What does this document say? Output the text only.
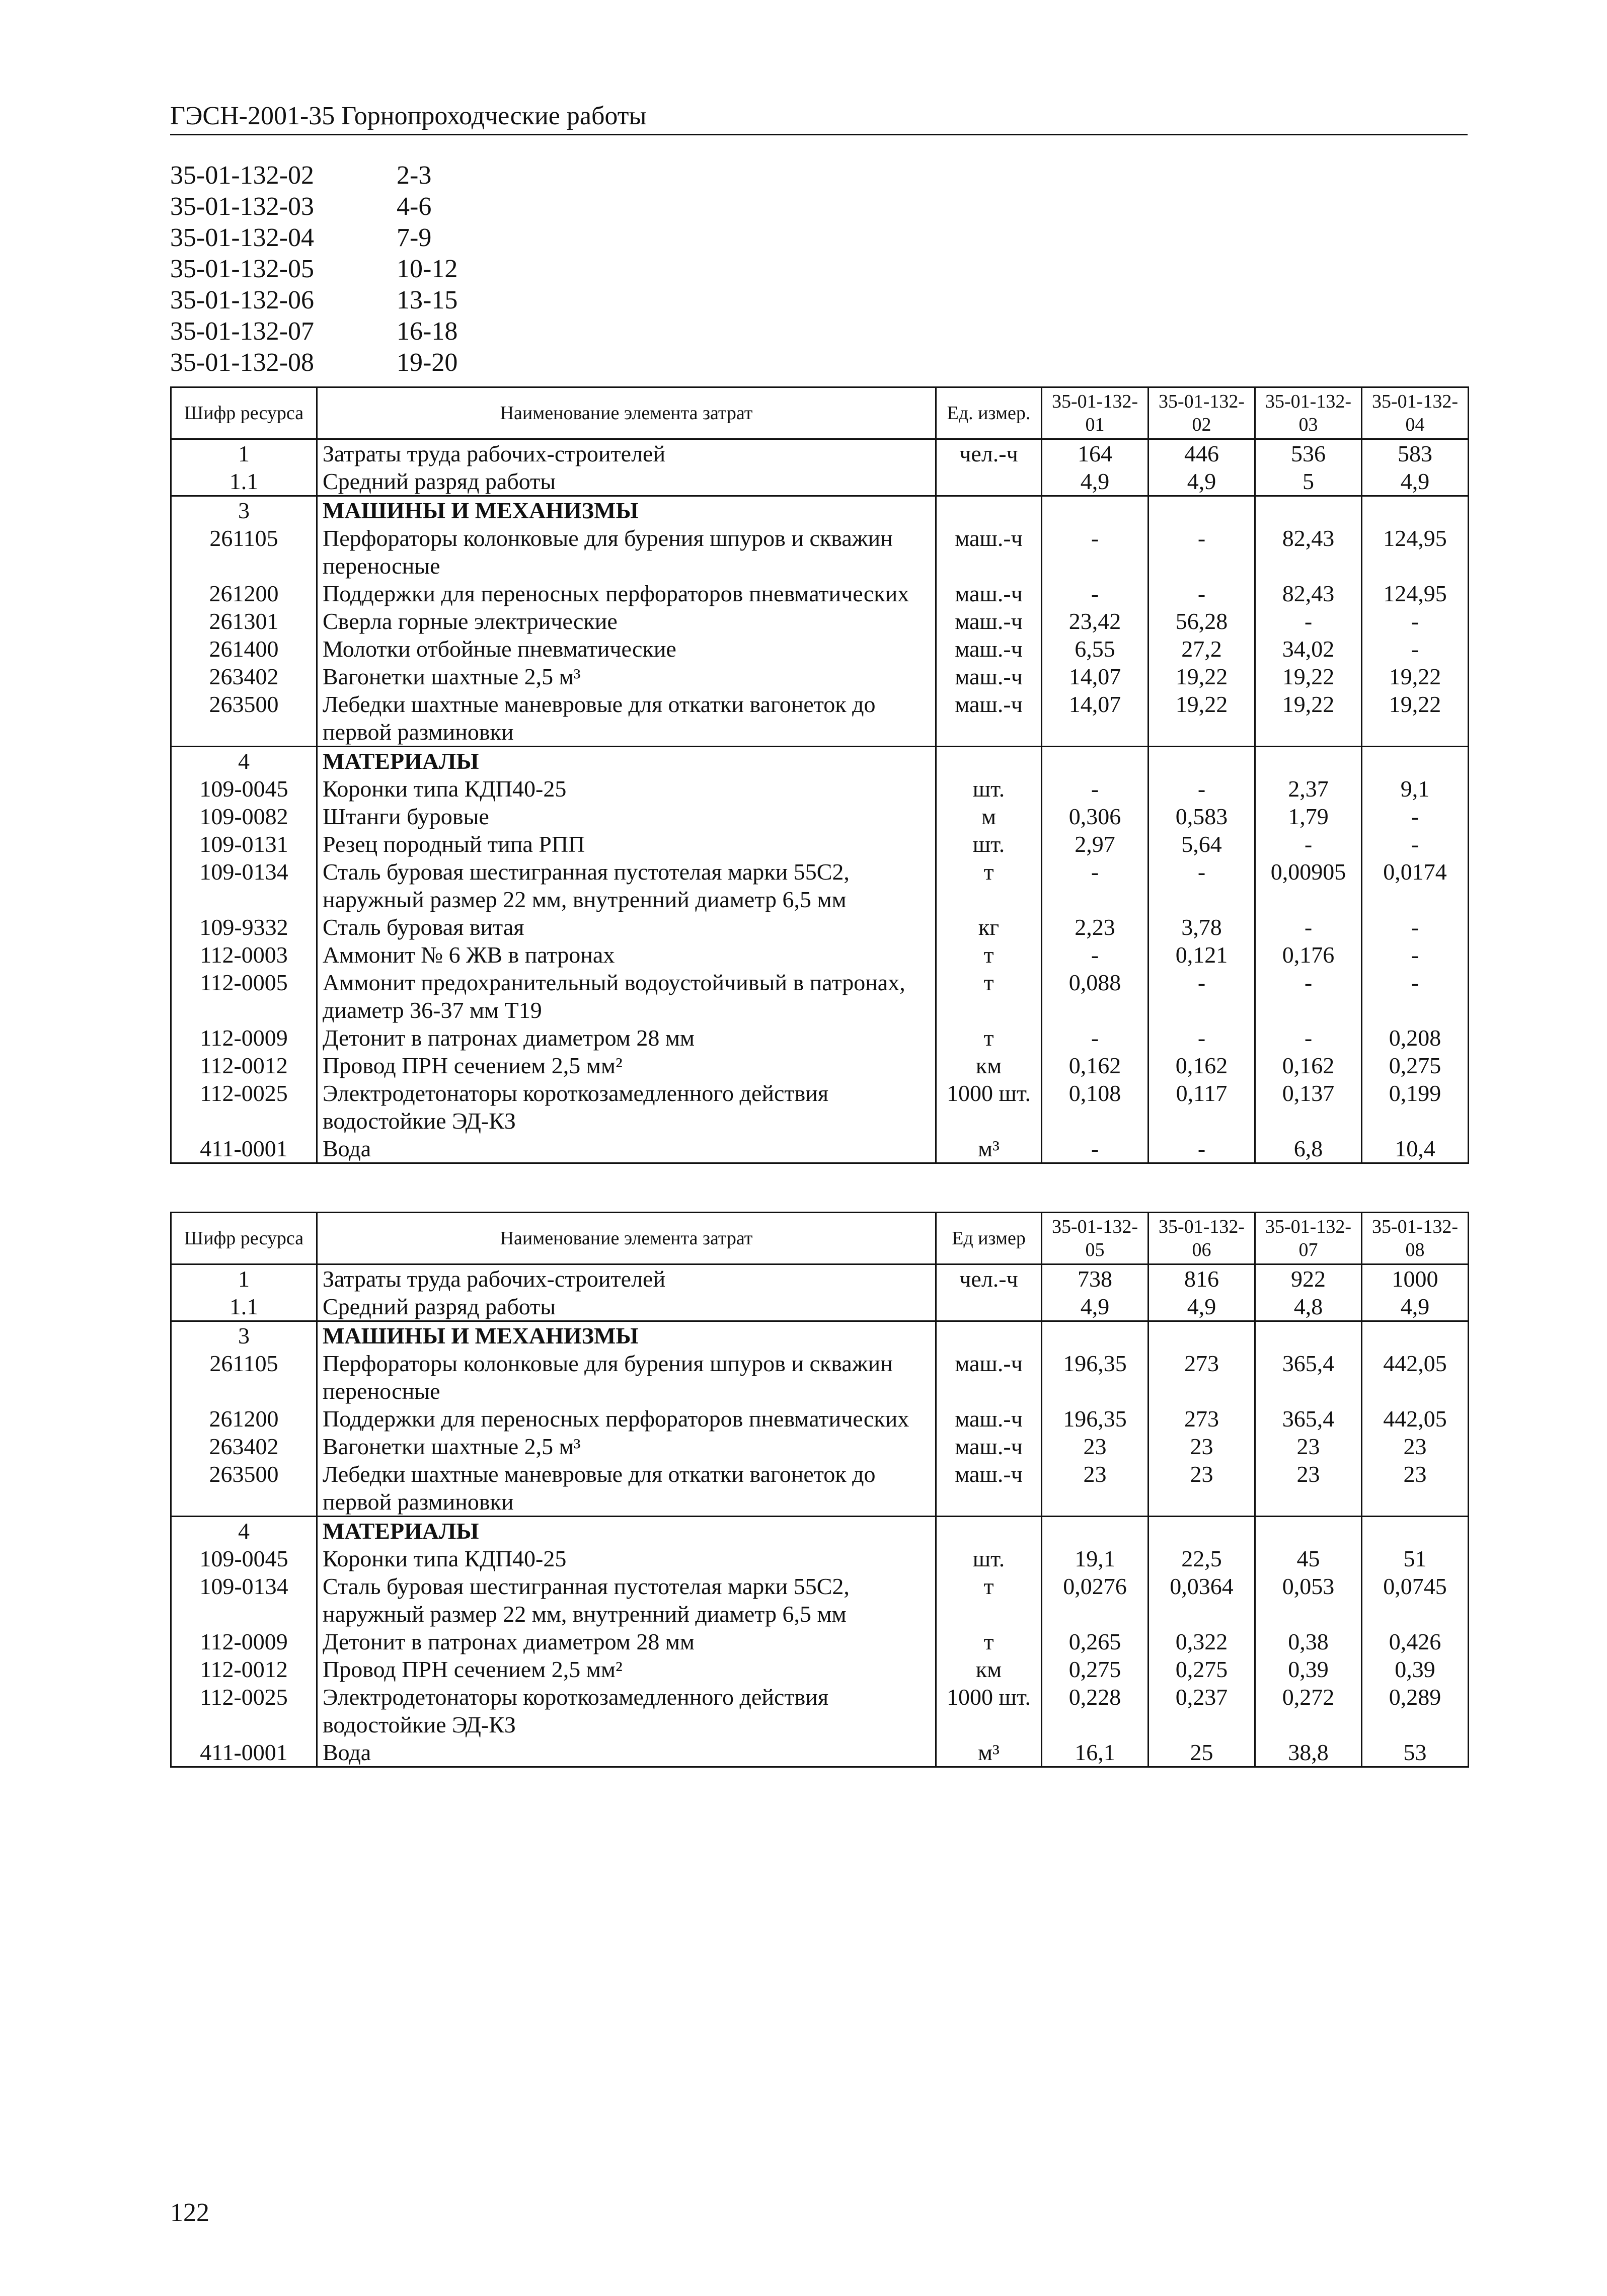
ГЭСН-2001-35 Горнопроходческие работы
35-01-132-02	2-3
35-01-132-03	4-6
35-01-132-04	7-9
35-01-132-05	10-12
35-01-132-06	13-15
35-01-132-07	16-18
35-01-132-08	19-20
Шифр ресурса	Наименование элемента затрат	Ед. измер.	35-01-132-01	35-01-132-02	35-01-132-03	35-01-132-04
1	Затраты труда рабочих-строителей	чел.-ч	164	446	536	583
1.1	Средний разряд работы		4,9	4,9	5	4,9
3	МАШИНЫ И МЕХАНИЗМЫ					
261105	Перфораторы колонковые для бурения шпуров и скважин переносные	маш.-ч	-	-	82,43	124,95
261200	Поддержки для переносных перфораторов пневматических	маш.-ч	-	-	82,43	124,95
261301	Сверла горные электрические	маш.-ч	23,42	56,28	-	-
261400	Молотки отбойные пневматические	маш.-ч	6,55	27,2	34,02	-
263402	Вагонетки шахтные 2,5 м³	маш.-ч	14,07	19,22	19,22	19,22
263500	Лебедки шахтные маневровые для откатки вагонеток до первой разминовки	маш.-ч	14,07	19,22	19,22	19,22
4	МАТЕРИАЛЫ					
109-0045	Коронки типа КДП40-25	шт.	-	-	2,37	9,1
109-0082	Штанги буровые	м	0,306	0,583	1,79	-
109-0131	Резец породный типа РПП	шт.	2,97	5,64	-	-
109-0134	Сталь буровая шестигранная пустотелая марки 55С2, наружный размер 22 мм, внутренний диаметр 6,5 мм	т	-	-	0,00905	0,0174
109-9332	Сталь буровая витая	кг	2,23	3,78	-	-
112-0003	Аммонит № 6 ЖВ в патронах	т	-	0,121	0,176	-
112-0005	Аммонит предохранительный водоустойчивый в патронах, диаметр 36-37 мм Т19	т	0,088	-	-	-
112-0009	Детонит в патронах диаметром 28 мм	т	-	-	-	0,208
112-0012	Провод ПРН сечением 2,5 мм²	км	0,162	0,162	0,162	0,275
112-0025	Электродетонаторы короткозамедленного действия водостойкие ЭД-КЗ	1000 шт.	0,108	0,117	0,137	0,199
411-0001	Вода	м³	-	-	6,8	10,4
Шифр ресурса	Наименование элемента затрат	Ед измер	35-01-132-05	35-01-132-06	35-01-132-07	35-01-132-08
1	Затраты труда рабочих-строителей	чел.-ч	738	816	922	1000
1.1	Средний разряд работы		4,9	4,9	4,8	4,9
3	МАШИНЫ И МЕХАНИЗМЫ					
261105	Перфораторы колонковые для бурения шпуров и скважин переносные	маш.-ч	196,35	273	365,4	442,05
261200	Поддержки для переносных перфораторов пневматических	маш.-ч	196,35	273	365,4	442,05
263402	Вагонетки шахтные 2,5 м³	маш.-ч	23	23	23	23
263500	Лебедки шахтные маневровые для откатки вагонеток до первой разминовки	маш.-ч	23	23	23	23
4	МАТЕРИАЛЫ					
109-0045	Коронки типа КДП40-25	шт.	19,1	22,5	45	51
109-0134	Сталь буровая шестигранная пустотелая марки 55С2, наружный размер 22 мм, внутренний диаметр 6,5 мм	т	0,0276	0,0364	0,053	0,0745
112-0009	Детонит в патронах диаметром 28 мм	т	0,265	0,322	0,38	0,426
112-0012	Провод ПРН сечением 2,5 мм²	км	0,275	0,275	0,39	0,39
112-0025	Электродетонаторы короткозамедленного действия водостойкие ЭД-КЗ	1000 шт.	0,228	0,237	0,272	0,289
411-0001	Вода	м³	16,1	25	38,8	53
122
